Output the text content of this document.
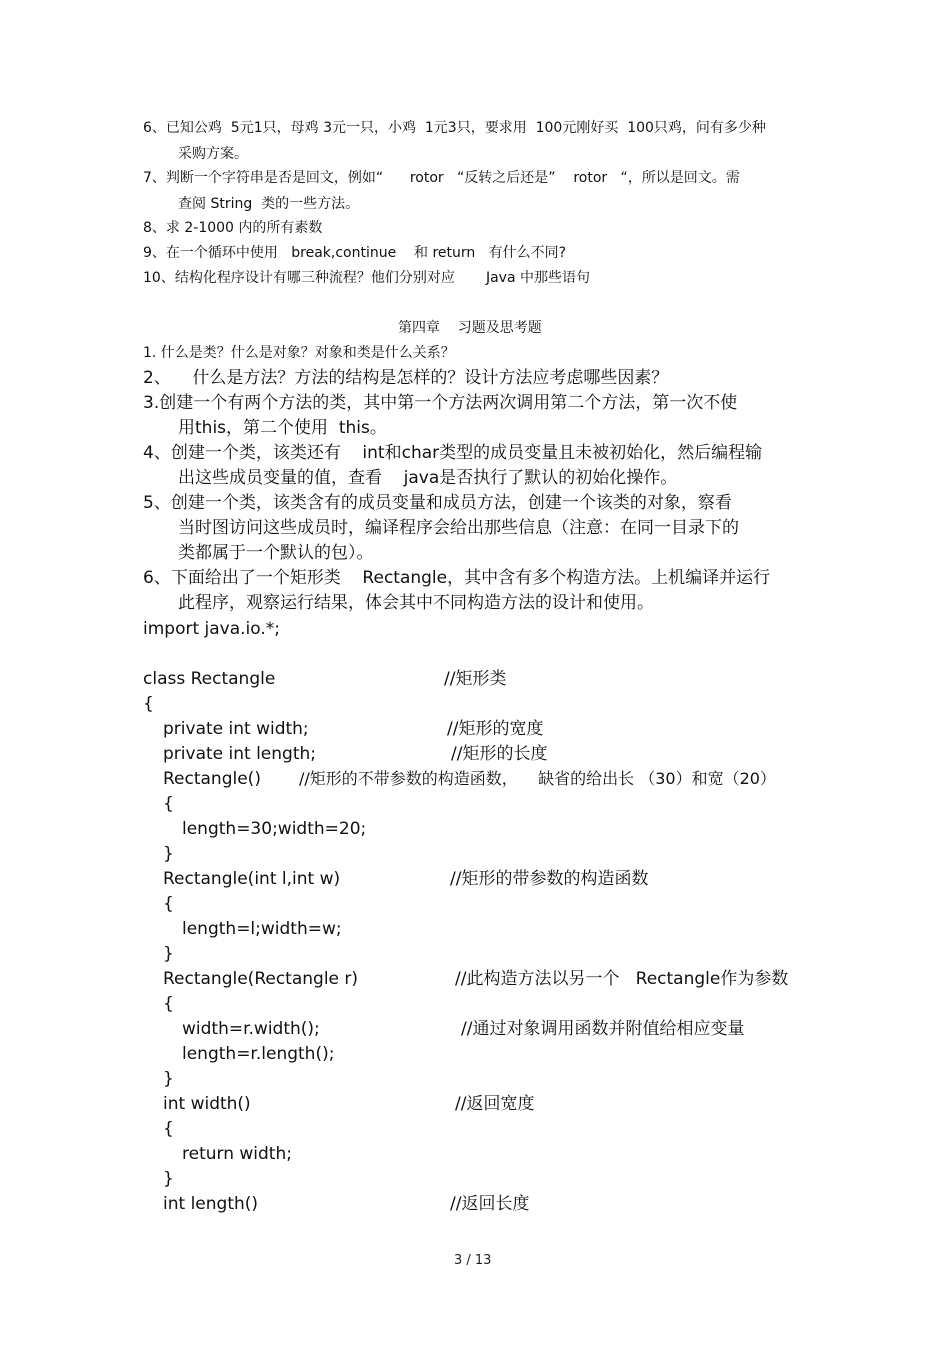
6、已知公鸡  5元1只，母鸡 3元一只，小鸡  1元3只，要求用  100元刚好买  100只鸡，问有多少种
采购方案。
7、判断一个字符串是否是回文，例如“      rotor   “反转之后还是”    rotor   “，所以是回文。需
查阅 String  类的一些方法。
8、求 2-1000 内的所有素数
9、在一个循环中使用   break,continue    和 return   有什么不同?
10、结构化程序设计有哪三种流程？他们分别对应       Java 中那些语句
第四章    习题及思考题
1. 什么是类？什么是对象？对象和类是什么关系？
2、    什么是方法？方法的结构是怎样的？设计方法应考虑哪些因素？
3.创建一个有两个方法的类，其中第一个方法两次调用第二个方法，第一次不使
用this，第二个使用  this。
4、创建一个类，该类还有    int和char类型的成员变量且未被初始化，然后编程输
出这些成员变量的值，查看    java是否执行了默认的初始化操作。
5、创建一个类，该类含有的成员变量和成员方法，创建一个该类的对象，察看
当时图访问这些成员时，编译程序会给出那些信息（注意：在同一目录下的
类都属于一个默认的包）。
6、下面给出了一个矩形类    Rectangle，其中含有多个构造方法。上机编译并运行
此程序，观察运行结果，体会其中不同构造方法的设计和使用。
import java.io.*;
class Rectangle	//矩形类
{
private int width;	//矩形的宽度
private int length;	//矩形的长度
Rectangle() //矩形的不带参数的构造函数，    缺省的给出长 （30）和宽（20）
{
length=30;width=20;
}
Rectangle(int l,int w)	//矩形的带参数的构造函数
{
length=l;width=w;
}
Rectangle(Rectangle r)	//此构造方法以另一个   Rectangle作为参数
{
width=r.width();	//通过对象调用函数并附值给相应变量
length=r.length();
}
int width()	//返回宽度
{
return width;
}
int length()	//返回长度
3 / 13
